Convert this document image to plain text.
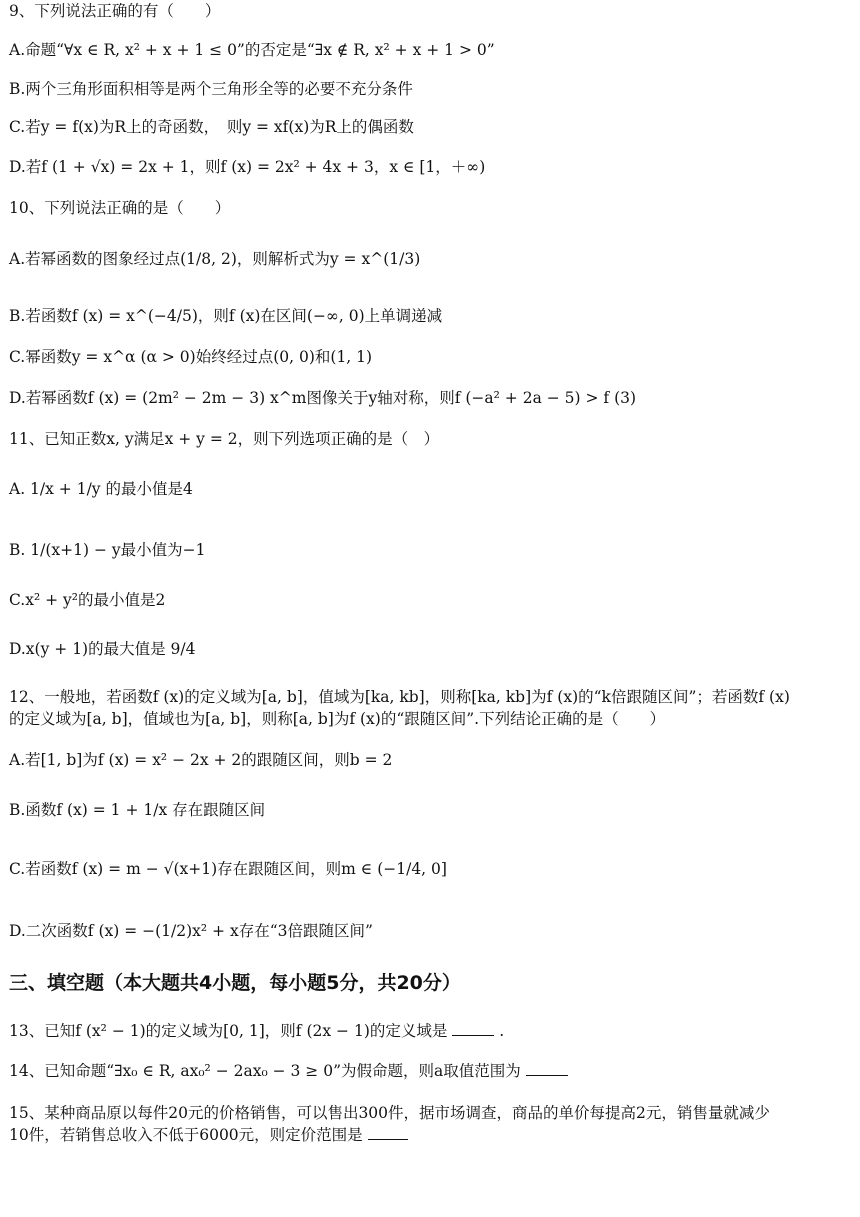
9、下列说法正确的有（　　）
A.命题“∀x ∈ R, x² + x + 1 ≤ 0”的否定是“∃x ∉ R, x² + x + 1 > 0”
B.两个三角形面积相等是两个三角形全等的必要不充分条件
C.若y = f(x)为R上的奇函数，　则y = xf(x)为R上的偶函数
D.若f (1 + √x) = 2x + 1，则f (x) = 2x² + 4x + 3，x ∈ [1，＋∞)
10、下列说法正确的是（　　）
A.若幂函数的图象经过点(1/8, 2)，则解析式为y = x^(1/3)
B.若函数f (x) = x^(−4/5)，则f (x)在区间(−∞, 0)上单调递减
C.幂函数y = x^α (α > 0)始终经过点(0, 0)和(1, 1)
D.若幂函数f (x) = (2m² − 2m − 3) x^m图像关于y轴对称，则f (−a² + 2a − 5) > f (3)
11、已知正数x, y满足x + y = 2，则下列选项正确的是（　）
A. 1/x + 1/y 的最小值是4
B. 1/(x+1) − y最小值为−1
C.x² + y²的最小值是2
D.x(y + 1)的最大值是 9/4
12、一般地，若函数f (x)的定义域为[a, b]，值域为[ka, kb]，则称[ka, kb]为f (x)的“k倍跟随区间”；若函数f (x)
的定义域为[a, b]，值域也为[a, b]，则称[a, b]为f (x)的“跟随区间”.下列结论正确的是（　　）
A.若[1, b]为f (x) = x² − 2x + 2的跟随区间，则b = 2
B.函数f (x) = 1 + 1/x 存在跟随区间
C.若函数f (x) = m − √(x+1)存在跟随区间，则m ∈ (−1/4, 0]
D.二次函数f (x) = −(1/2)x² + x存在“3倍跟随区间”
三、填空题（本大题共4小题，每小题5分，共20分）
13、已知f (x² − 1)的定义域为[0, 1]，则f (2x − 1)的定义域是	.
14、已知命题“∃x₀ ∈ R, ax₀² − 2ax₀ − 3 ≥ 0”为假命题，则a取值范围为
15、某种商品原以每件20元的价格销售，可以售出300件，据市场调查，商品的单价每提高2元，销售量就减少
10件，若销售总收入不低于6000元，则定价范围是
